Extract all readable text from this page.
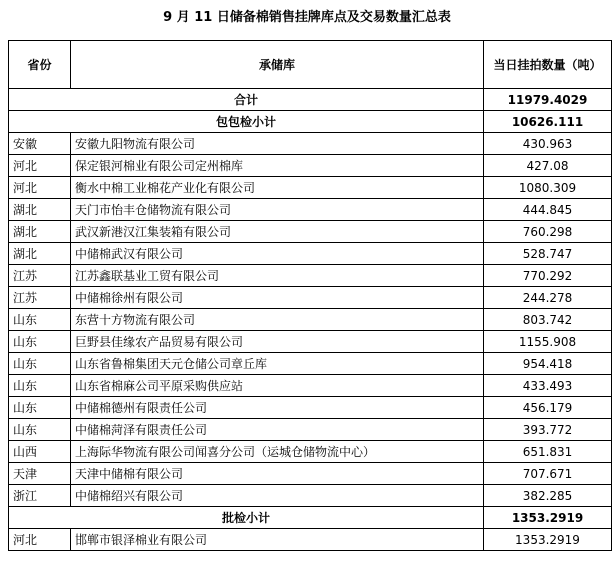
9 月 11 日储备棉销售挂牌库点及交易数量汇总表
省份	承储库	当日挂拍数量（吨）
合计		11979.4029
包包检小计		10626.111
安徽	安徽九阳物流有限公司	430.963
河北	保定银河棉业有限公司定州棉库	427.08
河北	衡水中棉工业棉花产业化有限公司	1080.309
湖北	天门市怡丰仓储物流有限公司	444.845
湖北	武汉新港汉江集装箱有限公司	760.298
湖北	中储棉武汉有限公司	528.747
江苏	江苏鑫联基业工贸有限公司	770.292
江苏	中储棉徐州有限公司	244.278
山东	东营十方物流有限公司	803.742
山东	巨野县佳缘农产品贸易有限公司	1155.908
山东	山东省鲁棉集团天元仓储公司章丘库	954.418
山东	山东省棉麻公司平原采购供应站	433.493
山东	中储棉德州有限责任公司	456.179
山东	中储棉菏泽有限责任公司	393.772
山西	上海际华物流有限公司闻喜分公司（运城仓储物流中心）	651.831
天津	天津中储棉有限公司	707.671
浙江	中储棉绍兴有限公司	382.285
批检小计		1353.2919
河北	邯郸市银泽棉业有限公司	1353.2919
